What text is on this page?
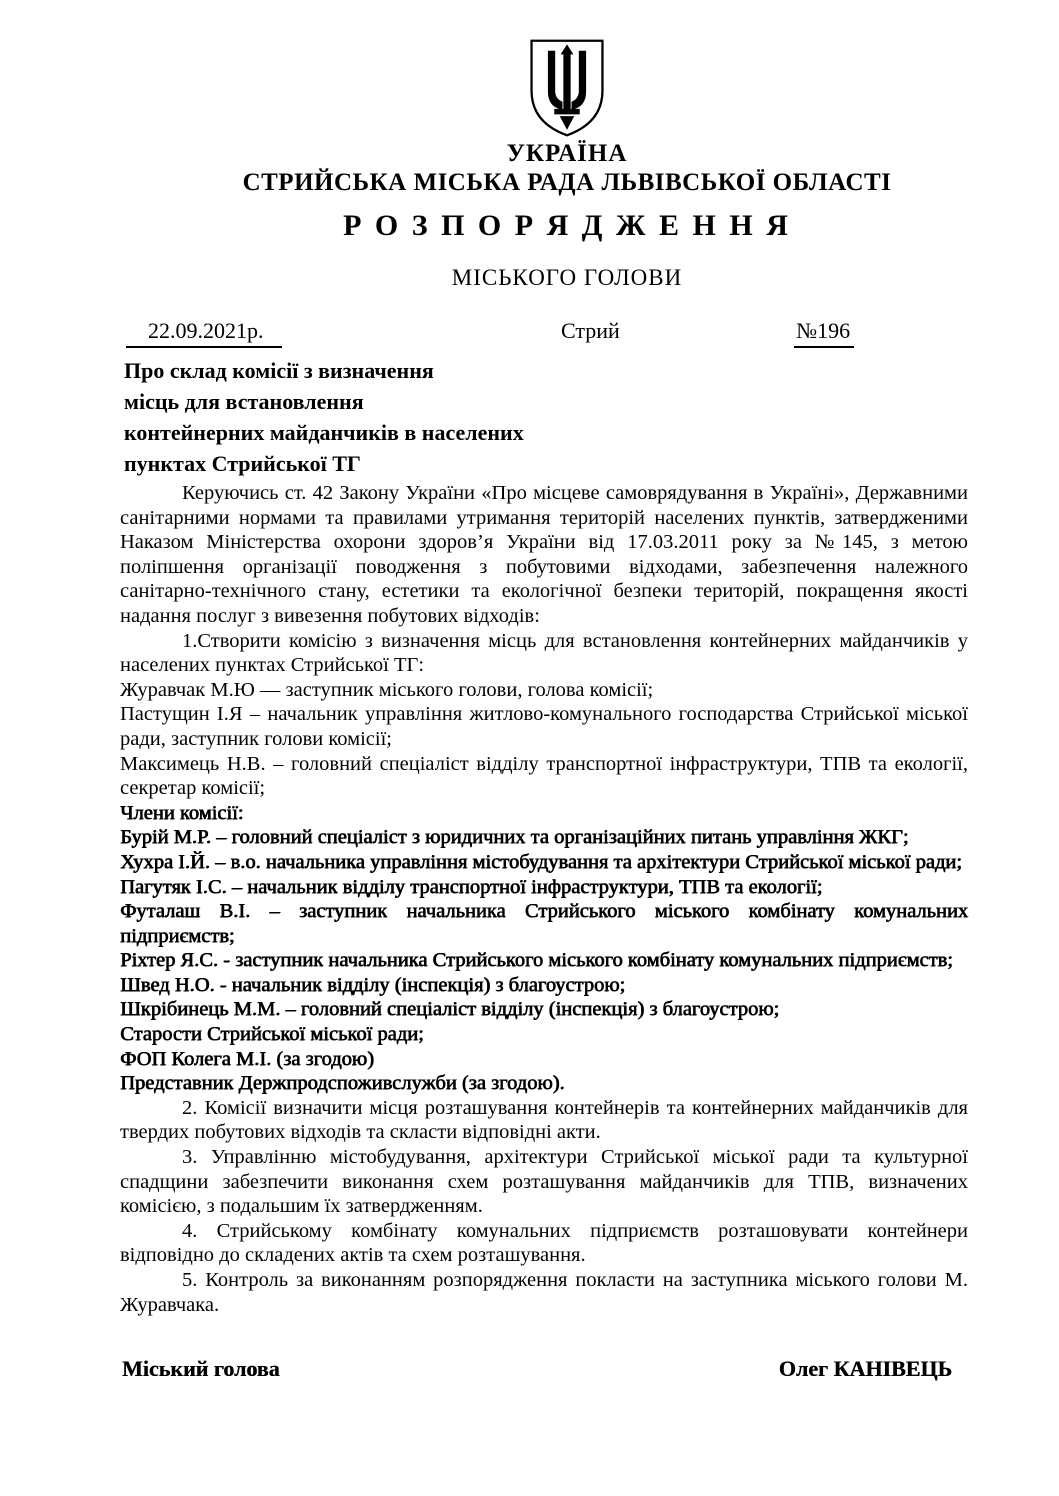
УКРАЇНА
СТРИЙСЬКА МІСЬКА РАДА ЛЬВІВСЬКОЇ ОБЛАСТІ
Р О З П О Р Я Д Ж Е Н Н Я
МІСЬКОГО ГОЛОВИ
22.09.2021р.	Стрий	№196
Про склад комісії з визначення
місць для встановлення
контейнерних майданчиків в населених
пунктах Стрийської ТГ

Керуючись ст. 42 Закону України «Про місцеве самоврядування в Україні», Державними санітарними нормами та правилами утримання територій населених пунктів, затвердженими Наказом Міністерства охорони здоров’я України від 17.03.2011 року за №145, з метою поліпшення організації поводження з побутовими відходами, забезпечення належного санітарно-технічного стану, естетики та екологічної безпеки територій, покращення якості надання послуг з вивезення побутових відходів:

1.Створити комісію з визначення місць для встановлення контейнерних майданчиків у населених пунктах Стрийської ТГ:

Журавчак М.Ю — заступник міського голови, голова комісії;

Пастущин І.Я – начальник управління житлово-комунального господарства Стрийської міської ради, заступник голови комісії;

Максимець Н.В. – головний спеціаліст відділу транспортної інфраструктури, ТПВ та екології, секретар комісії;

Члени комісії:

Бурій М.Р. – головний спеціаліст з юридичних та організаційних питань управління ЖКГ;

Хухра І.Й. – в.о. начальника управління містобудування та архітектури Стрийської міської ради;

Пагутяк І.С. – начальник відділу транспортної інфраструктури, ТПВ та екології;

Футалаш В.І. – заступник начальника Стрийського міського комбінату комунальних підприємств;

Ріхтер Я.С. - заступник начальника Стрийського міського комбінату комунальних підприємств;

Швед Н.О. - начальник відділу (інспекція) з благоустрою;

Шкрібинець М.М. – головний спеціаліст відділу (інспекція) з благоустрою;

Старости Стрийської міської ради;

ФОП Колега М.І. (за згодою)

Представник Держпродспоживслужби (за згодою).

2. Комісії визначити місця розташування контейнерів та контейнерних майданчиків для твердих побутових відходів та скласти відповідні акти.

3. Управлінню містобудування, архітектури Стрийської міської ради та культурної спадщини забезпечити виконання схем розташування майданчиків для ТПВ, визначених комісією, з подальшим їх затвердженням.

4. Стрийському комбінату комунальних підприємств розташовувати контейнери відповідно до складених актів та схем розташування.

5. Контроль за виконанням розпорядження покласти на заступника міського голови М. Журавчака.

Міський голова	Олег КАНІВЕЦЬ
